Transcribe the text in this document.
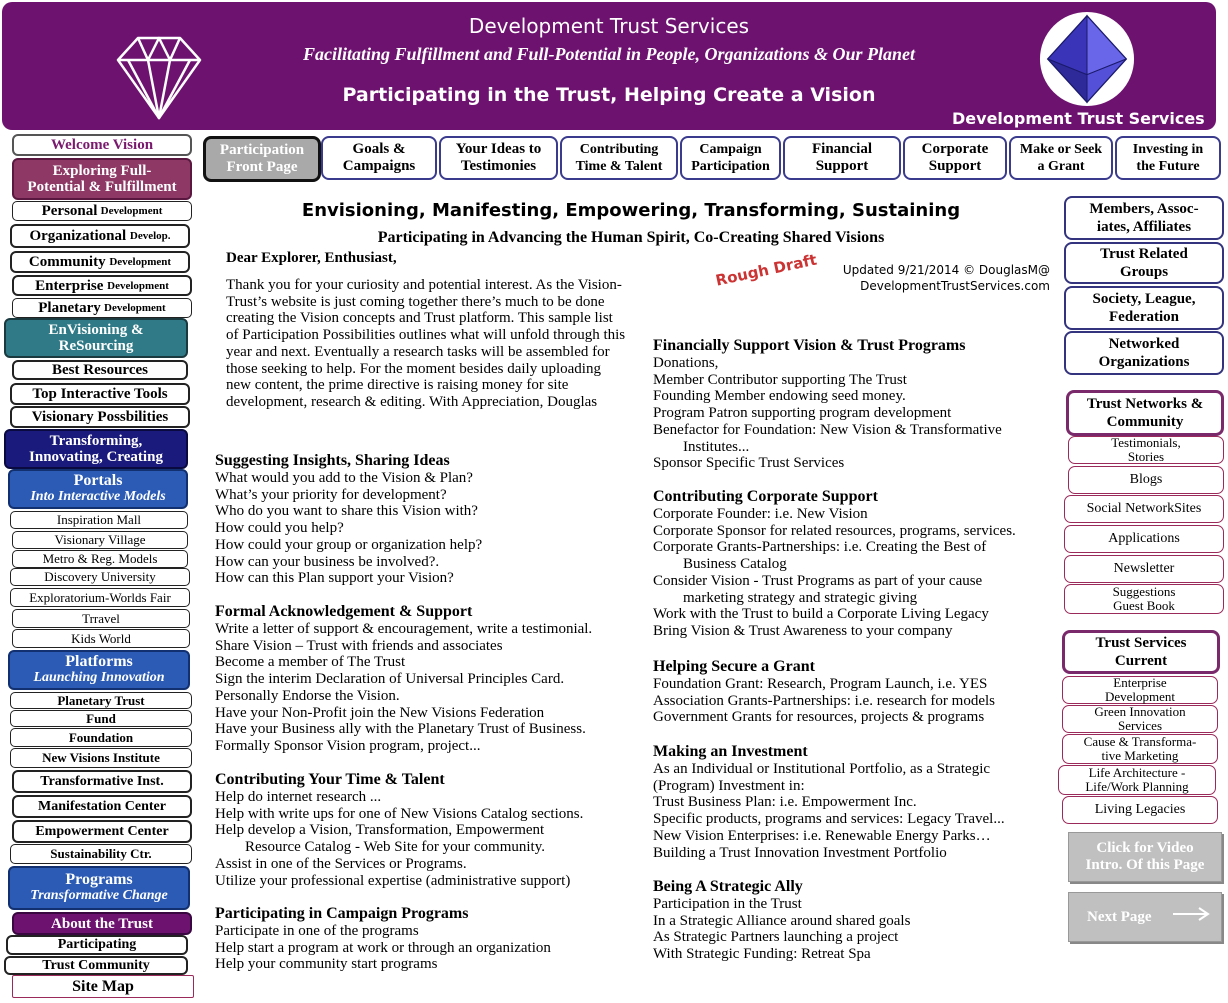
Development Trust Services
Facilitating Fulfillment and Full-Potential in People, Organizations & Our Planet
Participating in the Trust, Helping Create a Vision
Development Trust Services
Welcome Vision
Exploring Full-
Potential & Fulfillment
Personal
Development
Organizational
Develop.
Community
Development
Enterprise
Development
Planetary
Development
EnVisioning &
ReSourcing
Best Resources
Top Interactive Tools
Visionary Possbilities
Transforming,
Innovating, Creating
Portals
Into Interactive Models
Inspiration Mall
Visionary Village
Metro & Reg. Models
Discovery University
Exploratorium-Worlds Fair
Trravel
Kids World
Platforms
Launching Innovation
Planetary Trust
Fund
Foundation
New Visions Institute
Transformative Inst.
Manifestation Center
Empowerment Center
Sustainability Ctr.
Programs
Transformative Change
About the Trust
Participating
Trust Community
Site Map
Participation
Front Page
Goals &
Campaigns
Your Ideas to
Testimonies
Contributing
Time & Talent
Campaign
Participation
Financial
Support
Corporate
Support
Make or Seek
a Grant
Investing in
the Future
Members, Assoc-
iates, Affiliates
Trust Related
Groups
Society, League,
Federation
Networked
Organizations
Trust Networks &
Community
Testimonials,
Stories
Blogs
Social NetworkSites
Applications
Newsletter
Suggestions
Guest Book
Trust Services
Current
Enterprise
Development
Green Innovation
Services
Cause & Transforma-
tive Marketing
Life Architecture -
Life/Work Planning
Living Legacies
Click for Video
Intro. Of this Page
Next Page
Envisioning, Manifesting, Empowering, Transforming, Sustaining
Participating in Advancing the Human Spirit, Co-Creating Shared Visions
Dear Explorer, Enthusiast,
Thank you for your curiosity and potential interest. As the Vision-Trust’s website is just coming together there’s much to be done creating the Vision concepts and Trust platform. This sample list of Participation Possibilities outlines what will unfold through this year and next. Eventually a research tasks will be assembled for those seeking to help. For the moment besides daily uploading new content, the prime directive is raising money for site development, research & editing. With Appreciation, Douglas
Rough Draft	Updated 9/21/2014 © DouglasM@
DevelopmentTrustServices.com
Suggesting Insights, Sharing Ideas
What would you add to the Vision & Plan?
What’s your priority for development?
Who do you want to share this Vision with?
How could you help?
How could your group or organization help?
How can your business be involved?.
How can this Plan support your Vision?
Formal Acknowledgement & Support
Write a letter of support & encouragement, write a testimonial.
Share Vision – Trust with friends and associates
Become a member of The Trust
Sign the interim Declaration of Universal Principles Card.
Personally Endorse the Vision.
Have your Non-Profit join the New Visions Federation
Have your Business ally with the Planetary Trust of Business.
Formally Sponsor Vision program, project...
Contributing Your Time & Talent
Help do internet research ...
Help with write ups for one of New Visions Catalog sections.
Help develop a Vision, Transformation, Empowerment
Resource Catalog - Web Site for your community.
Assist in one of the Services or Programs.
Utilize your professional expertise (administrative support)
Participating in Campaign Programs
Participate in one of the programs
Help start a program at work or through an organization
Help your community start programs
Financially Support Vision & Trust Programs
Donations,
Member Contributor supporting The Trust
Founding Member endowing seed money.
Program Patron supporting program development
Benefactor for Foundation: New Vision & Transformative
Institutes...
Sponsor Specific Trust Services
Contributing Corporate Support
Corporate Founder: i.e. New Vision
Corporate Sponsor for related resources, programs, services.
Corporate Grants-Partnerships: i.e. Creating the Best of
Business Catalog
Consider Vision - Trust Programs as part of your cause
marketing strategy and strategic giving
Work with the Trust to build a Corporate Living Legacy
Bring Vision & Trust Awareness to your company
Helping Secure a Grant
Foundation Grant: Research, Program Launch, i.e. YES
Association Grants-Partnerships: i.e. research for models
Government Grants for resources, projects & programs
Making an Investment
As an Individual or Institutional Portfolio, as a Strategic
(Program) Investment in:
Trust Business Plan: i.e. Empowerment Inc.
Specific products, programs and services: Legacy Travel...
New Vision Enterprises: i.e. Renewable Energy Parks…
Building a Trust Innovation Investment Portfolio
Being A Strategic Ally
Participation in the Trust
In a Strategic Alliance around shared goals
As Strategic Partners launching a project
With Strategic Funding: Retreat Spa
